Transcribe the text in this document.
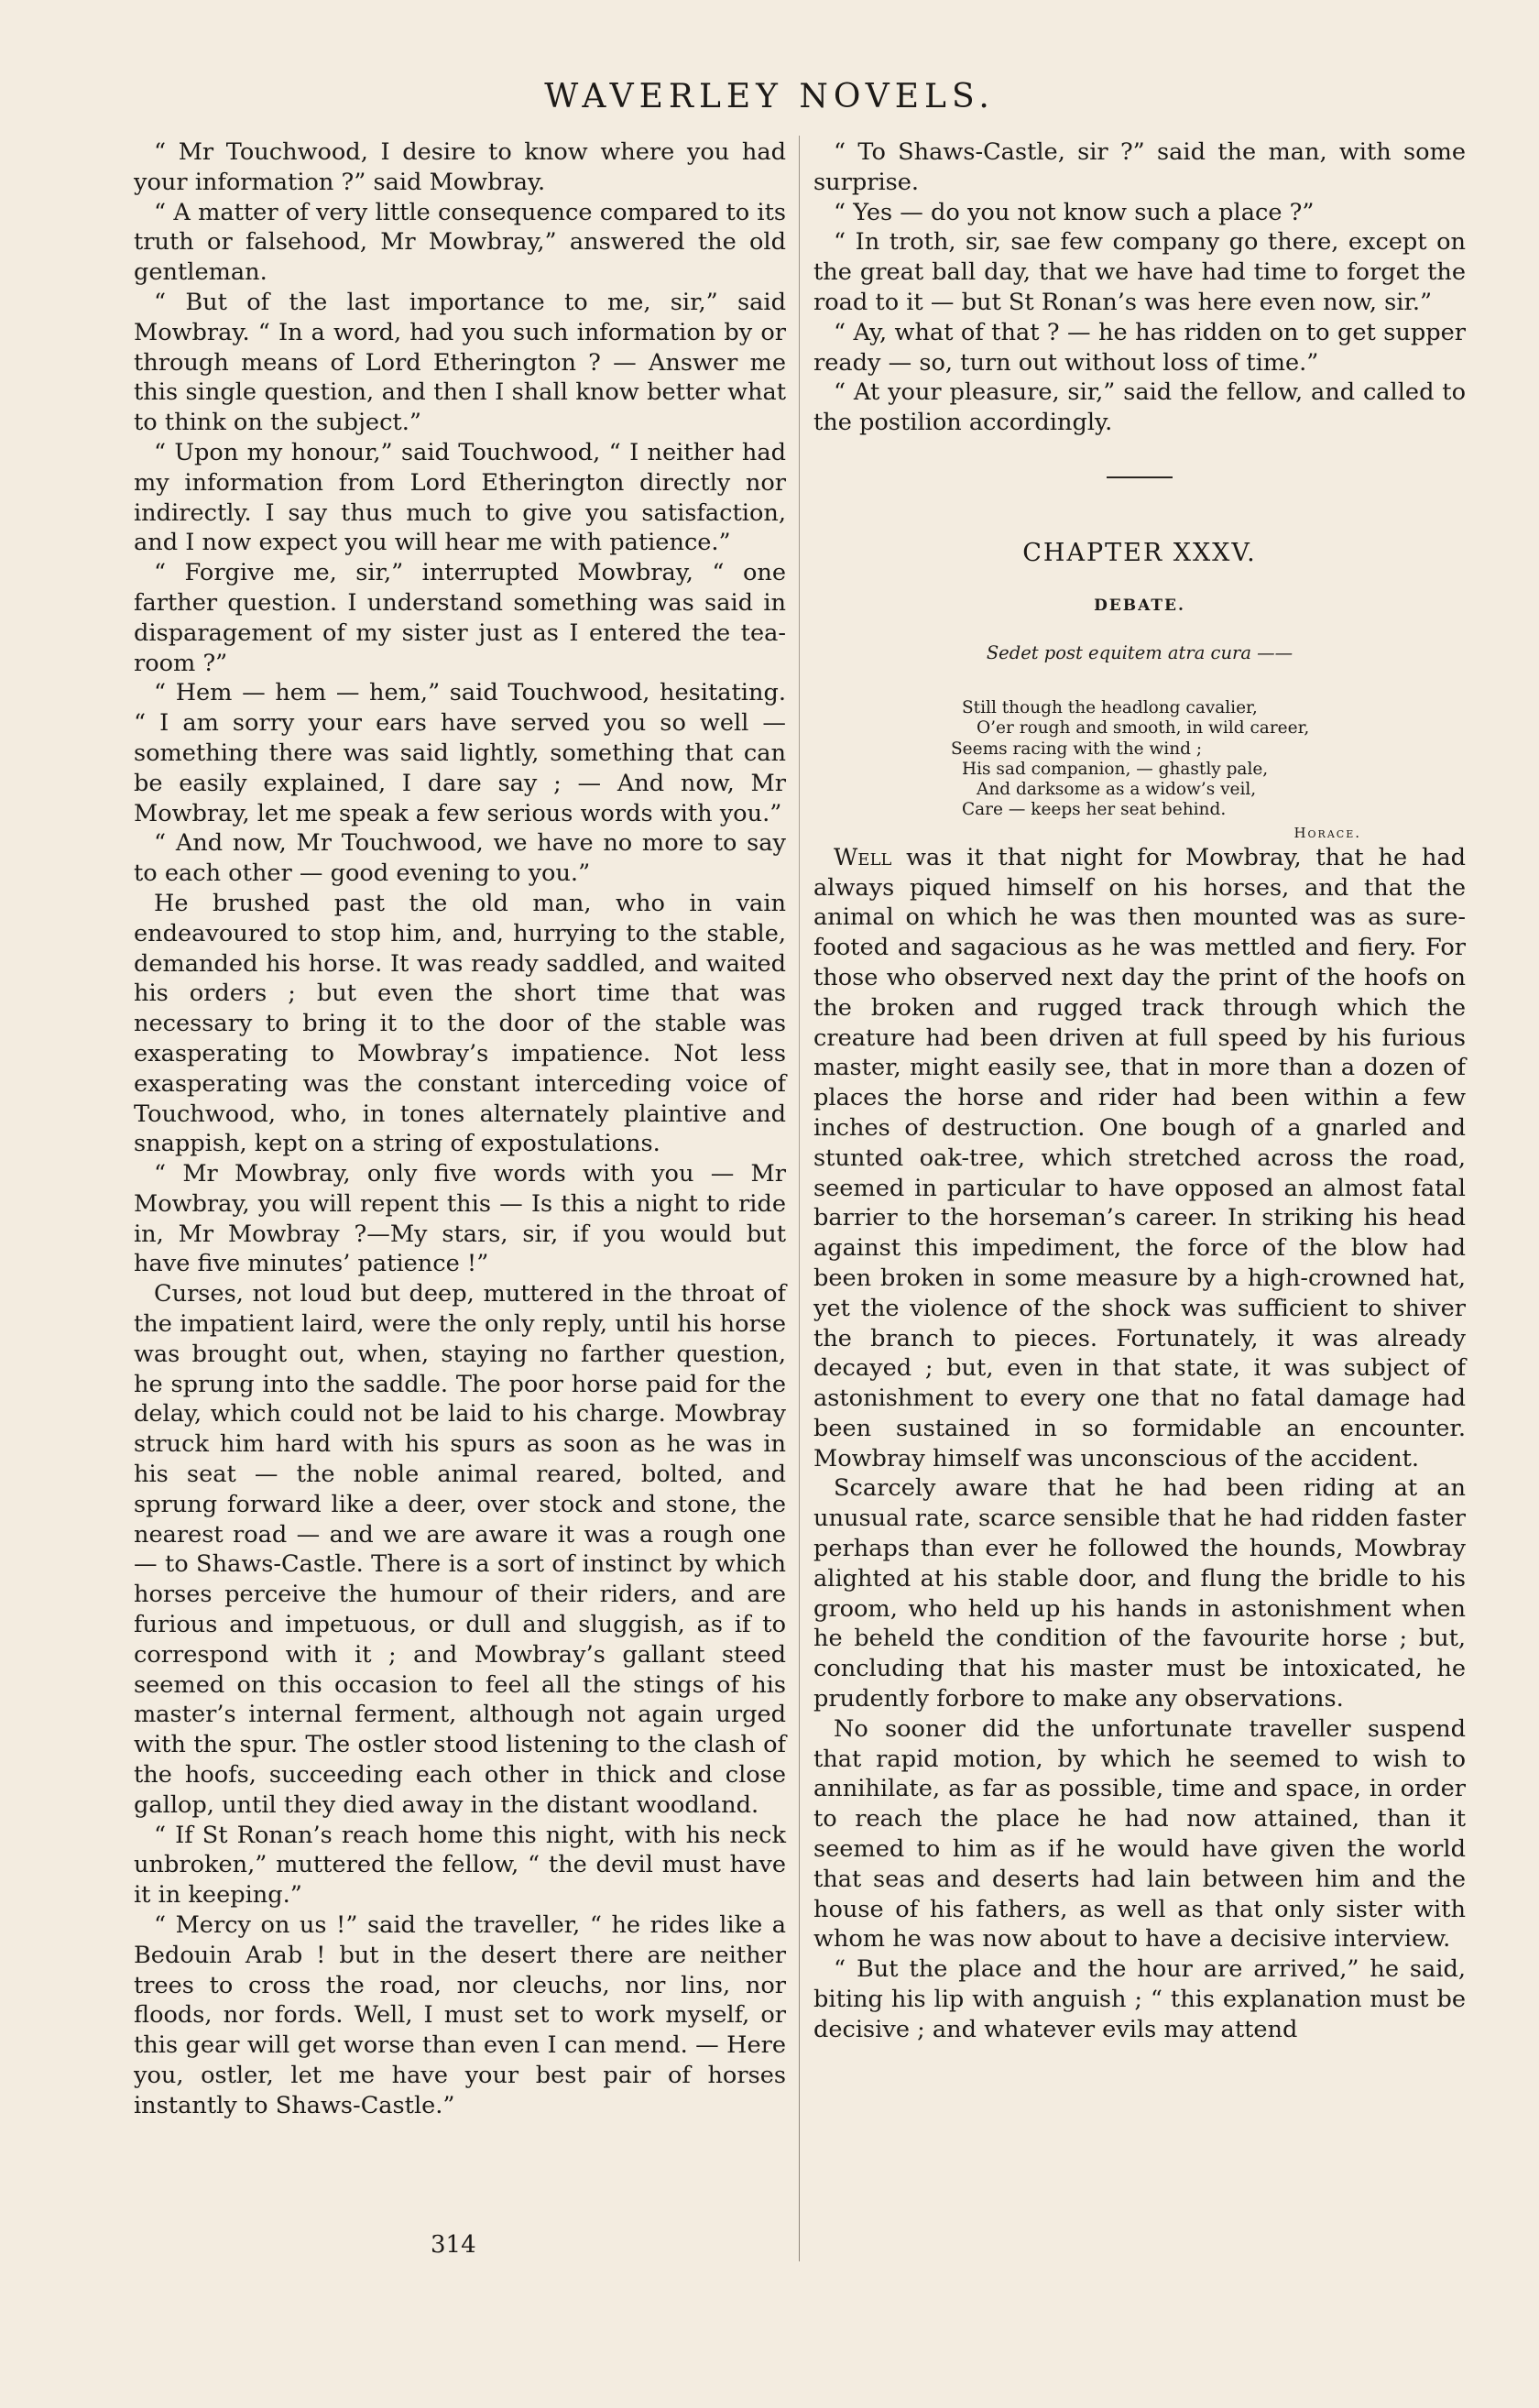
WAVERLEY NOVELS.

“ Mr Touchwood, I desire to know where you had your information ?” said Mowbray.

“ A matter of very little consequence compared to its truth or falsehood, Mr Mowbray,” answered the old gentleman.

“ But of the last importance to me, sir,” said Mowbray. “ In a word, had you such information by or through means of Lord Etherington ? — Answer me this single question, and then I shall know better what to think on the subject.”

“ Upon my honour,” said Touchwood, “ I neither had my information from Lord Etherington directly nor indirectly. I say thus much to give you satisfaction, and I now expect you will hear me with patience.”

“ Forgive me, sir,” interrupted Mowbray, “ one farther question. I understand something was said in disparagement of my sister just as I entered the tea-room ?”

“ Hem — hem — hem,” said Touchwood, hesitating. “ I am sorry your ears have served you so well — something there was said lightly, something that can be easily explained, I dare say ; — And now, Mr Mowbray, let me speak a few serious words with you.”

“ And now, Mr Touchwood, we have no more to say to each other — good evening to you.”

He brushed past the old man, who in vain endeavoured to stop him, and, hurrying to the stable, demanded his horse. It was ready saddled, and waited his orders ; but even the short time that was necessary to bring it to the door of the stable was exasperating to Mowbray’s impatience. Not less exasperating was the constant interceding voice of Touchwood, who, in tones alternately plaintive and snappish, kept on a string of expostulations.

“ Mr Mowbray, only five words with you — Mr Mowbray, you will repent this — Is this a night to ride in, Mr Mowbray ?—My stars, sir, if you would but have five minutes’ patience !”

Curses, not loud but deep, muttered in the throat of the impatient laird, were the only reply, until his horse was brought out, when, staying no farther question, he sprung into the saddle. The poor horse paid for the delay, which could not be laid to his charge. Mowbray struck him hard with his spurs as soon as he was in his seat — the noble animal reared, bolted, and sprung forward like a deer, over stock and stone, the nearest road — and we are aware it was a rough one — to Shaws-Castle. There is a sort of instinct by which horses perceive the humour of their riders, and are furious and impetuous, or dull and sluggish, as if to correspond with it ; and Mowbray’s gallant steed seemed on this occasion to feel all the stings of his master’s internal ferment, although not again urged with the spur. The ostler stood listening to the clash of the hoofs, succeeding each other in thick and close gallop, until they died away in the distant woodland.

“ If St Ronan’s reach home this night, with his neck unbroken,” muttered the fellow, “ the devil must have it in keeping.”

“ Mercy on us !” said the traveller, “ he rides like a Bedouin Arab ! but in the desert there are neither trees to cross the road, nor cleuchs, nor lins, nor floods, nor fords. Well, I must set to work myself, or this gear will get worse than even I can mend. — Here you, ostler, let me have your best pair of horses instantly to Shaws-Castle.”

“ To Shaws-Castle, sir ?” said the man, with some surprise.

“ Yes — do you not know such a place ?”

“ In troth, sir, sae few company go there, except on the great ball day, that we have had time to forget the road to it — but St Ronan’s was here even now, sir.”

“ Ay, what of that ? — he has ridden on to get supper ready — so, turn out without loss of time.”

“ At your pleasure, sir,” said the fellow, and called to the postilion accordingly.

CHAPTER XXXV.
DEBATE.
Sedet post equitem atra cura ——
Still though the headlong cavalier,
O’er rough and smooth, in wild career,
Seems racing with the wind ;
His sad companion, — ghastly pale,
And darksome as a widow’s veil,
Care — keeps her seat behind.
Horace.

Well was it that night for Mowbray, that he had always piqued himself on his horses, and that the animal on which he was then mounted was as sure-footed and sagacious as he was mettled and fiery. For those who observed next day the print of the hoofs on the broken and rugged track through which the creature had been driven at full speed by his furious master, might easily see, that in more than a dozen of places the horse and rider had been within a few inches of destruction. One bough of a gnarled and stunted oak-tree, which stretched across the road, seemed in particular to have opposed an almost fatal barrier to the horseman’s career. In striking his head against this impediment, the force of the blow had been broken in some measure by a high-crowned hat, yet the violence of the shock was sufficient to shiver the branch to pieces. Fortunately, it was already decayed ; but, even in that state, it was subject of astonishment to every one that no fatal damage had been sustained in so formidable an encounter. Mowbray himself was unconscious of the accident.

Scarcely aware that he had been riding at an unusual rate, scarce sensible that he had ridden faster perhaps than ever he followed the hounds, Mowbray alighted at his stable door, and flung the bridle to his groom, who held up his hands in astonishment when he beheld the condition of the favourite horse ; but, concluding that his master must be intoxicated, he prudently forbore to make any observations.

No sooner did the unfortunate traveller suspend that rapid motion, by which he seemed to wish to annihilate, as far as possible, time and space, in order to reach the place he had now attained, than it seemed to him as if he would have given the world that seas and deserts had lain between him and the house of his fathers, as well as that only sister with whom he was now about to have a decisive interview.

“ But the place and the hour are arrived,” he said, biting his lip with anguish ; “ this explanation must be decisive ; and whatever evils may attend

314
